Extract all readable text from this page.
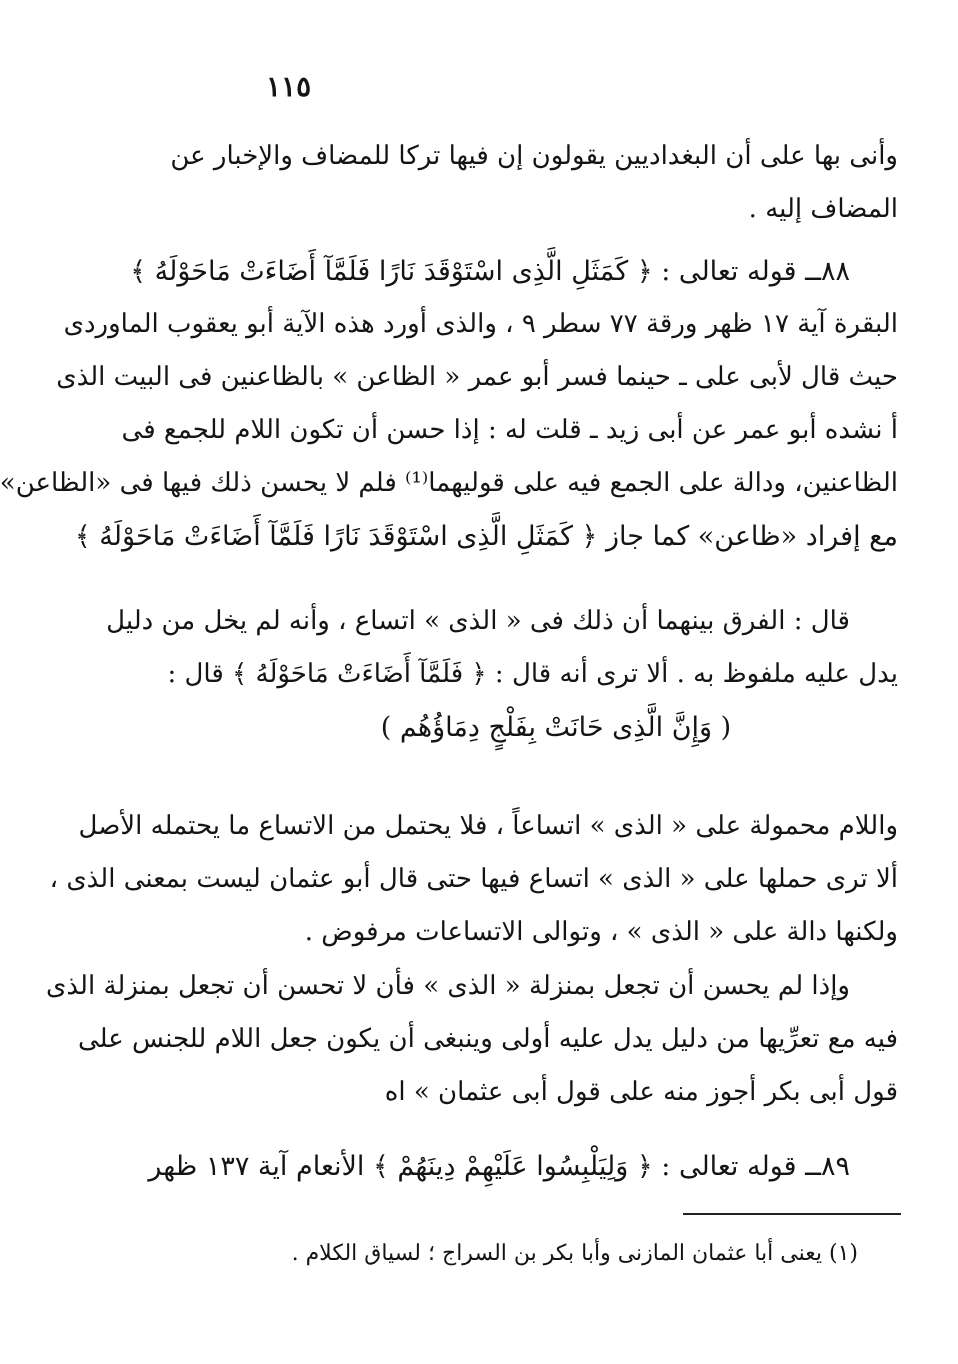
١١٥
وأنى بها على أن البغداديين يقولون إن فيها تركا للمضاف والإخبار عن
المضاف إليه .
٨٨ــ قوله تعالى : ﴿ كَمَثَلِ الَّذِى اسْتَوْقَدَ نَارًا فَلَمَّآ أَضَاءَتْ مَاحَوْلَهُ ﴾
البقرة آية ١٧ ظهر ورقة ٧٧ سطر ٩ ، والذى أورد هذه الآية أبو يعقوب الماوردى
حيث قال لأبى على ـ حينما فسر أبو عمر « الظاعن » بالظاعنين فى البيت الذى
أ نشده أبو عمر عن أبى زيد ـ قلت له : إذا حسن أن تكون اللام للجمع فى
الظاعنين، ودالة على الجمع فيه على قوليهما⁽¹⁾ فلم لا يحسن ذلك فيها فى «الظاعن»
مع إفراد «ظاعن» كما جاز ﴿ كَمَثَلِ الَّذِى اسْتَوْقَدَ نَارًا فَلَمَّآ أَضَاءَتْ مَاحَوْلَهُ ﴾
قال : الفرق بينهما أن ذلك فى « الذى » اتساع ، وأنه لم يخل من دليل
يدل عليه ملفوظ به . ألا ترى أنه قال : ﴿ فَلَمَّآ أَضَاءَتْ مَاحَوْلَهُ ﴾ قال :
( وَإِنَّ الَّذِى حَانَتْ بِفَلْجٍ دِمَاؤُهُم )
واللام محمولة على « الذى » اتساعاً ، فلا يحتمل من الاتساع ما يحتمله الأصل
ألا ترى حملها على « الذى » اتساع فيها حتى قال أبو عثمان ليست بمعنى الذى ،
ولكنها دالة على « الذى » ، وتوالى الاتساعات مرفوض .
وإذا لم يحسن أن تجعل بمنزلة « الذى » فأن لا تحسن أن تجعل بمنزلة الذى
فيه مع تعرِّيها من دليل يدل عليه أولى وينبغى أن يكون جعل اللام للجنس على
قول أبى بكر أجوز منه على قول أبى عثمان » اه
٨٩ــ قوله تعالى : ﴿ وَلِيَلْبِسُوا عَلَيْهِمْ دِينَهُمْ ﴾ الأنعام آية ١٣٧ ظهر
(١) يعنى أبا عثمان المازنى وأبا بكر بن السراج ؛ لسياق الكلام .
